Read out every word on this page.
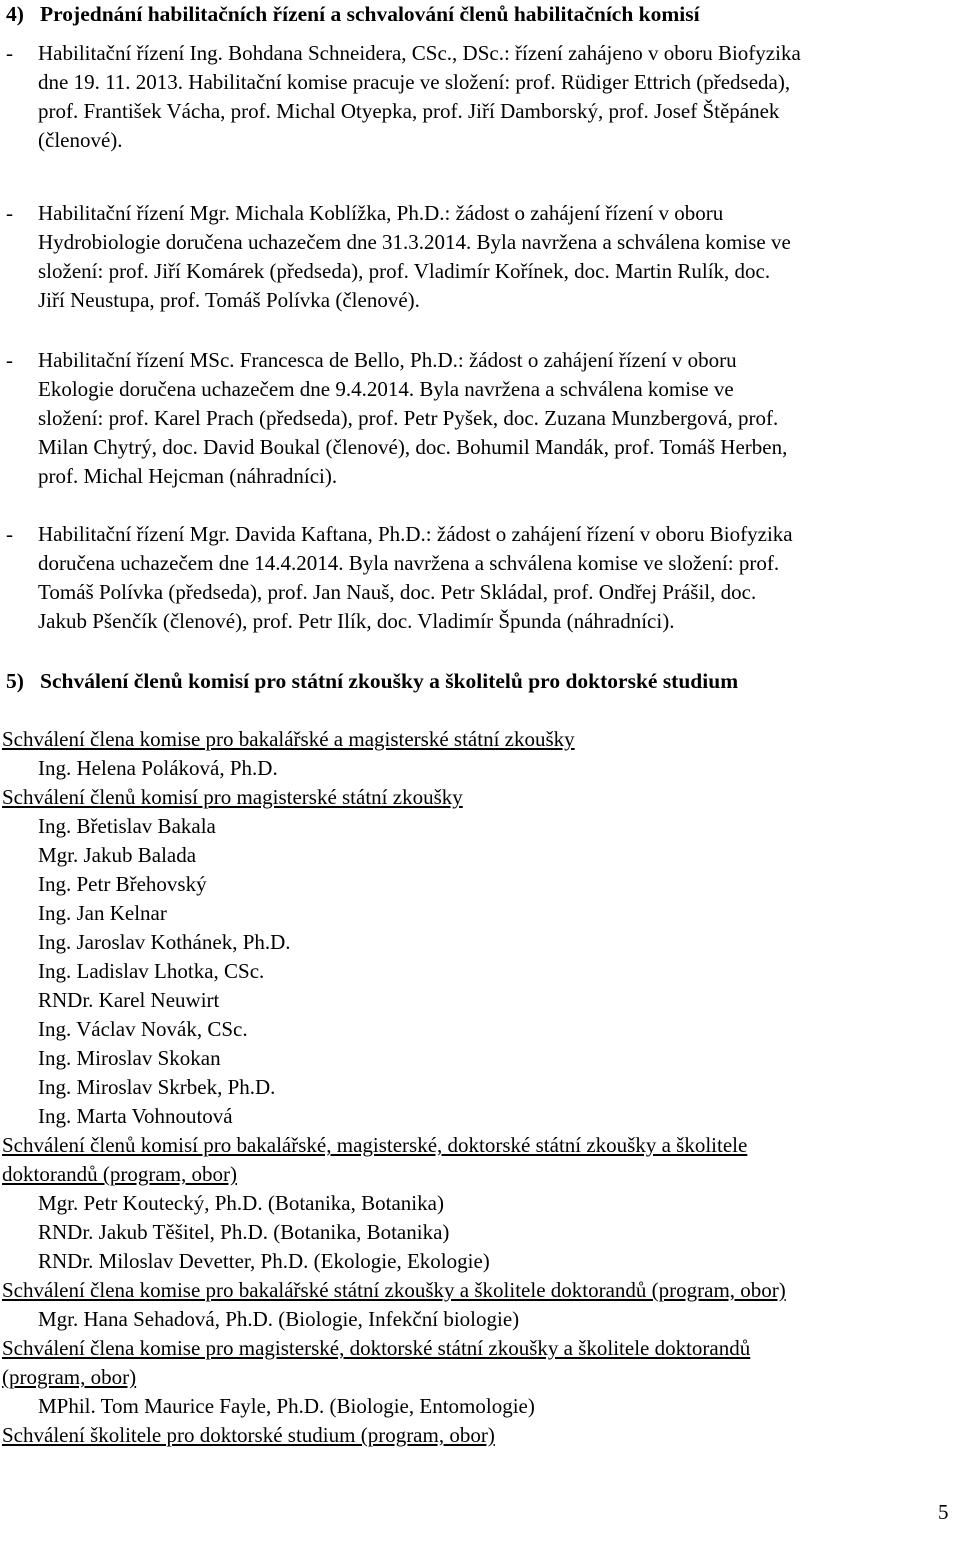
4) Projednání habilitačních řízení a schvalování členů habilitačních komisí
- Habilitační řízení Ing. Bohdana Schneidera, CSc., DSc.: řízení zahájeno v oboru Biofyzika
dne 19. 11. 2013. Habilitační komise pracuje ve složení: prof. Rüdiger Ettrich (předseda),
prof. František Vácha, prof. Michal Otyepka, prof. Jiří Damborský, prof. Josef Štěpánek
(členové).
- Habilitační řízení Mgr. Michala Koblížka, Ph.D.: žádost o zahájení řízení v oboru
Hydrobiologie doručena uchazečem dne 31.3.2014. Byla navržena a schválena komise ve
složení: prof. Jiří Komárek (předseda), prof. Vladimír Kořínek, doc. Martin Rulík, doc.
Jiří Neustupa, prof. Tomáš Polívka (členové).
- Habilitační řízení MSc. Francesca de Bello, Ph.D.: žádost o zahájení řízení v oboru
Ekologie doručena uchazečem dne 9.4.2014. Byla navržena a schválena komise ve
složení: prof. Karel Prach (předseda), prof. Petr Pyšek, doc. Zuzana Munzbergová, prof.
Milan Chytrý, doc. David Boukal (členové), doc. Bohumil Mandák, prof. Tomáš Herben,
prof. Michal Hejcman (náhradníci).
- Habilitační řízení Mgr. Davida Kaftana, Ph.D.: žádost o zahájení řízení v oboru Biofyzika
doručena uchazečem dne 14.4.2014. Byla navržena a schválena komise ve složení: prof.
Tomáš Polívka (předseda), prof. Jan Nauš, doc. Petr Skládal, prof. Ondřej Prášil, doc.
Jakub Pšenčík (členové), prof. Petr Ilík, doc. Vladimír Špunda (náhradníci).
5) Schválení členů komisí pro státní zkoušky a školitelů pro doktorské studium
Schválení člena komise pro bakalářské a magisterské státní zkoušky
Ing. Helena Poláková, Ph.D.
Schválení členů komisí pro magisterské státní zkoušky
Ing. Břetislav Bakala
Mgr. Jakub Balada
Ing. Petr Břehovský
Ing. Jan Kelnar
Ing. Jaroslav Kothánek, Ph.D.
Ing. Ladislav Lhotka, CSc.
RNDr. Karel Neuwirt
Ing. Václav Novák, CSc.
Ing. Miroslav Skokan
Ing. Miroslav Skrbek, Ph.D.
Ing. Marta Vohnoutová
Schválení členů komisí pro bakalářské, magisterské, doktorské státní zkoušky a školitele
doktorandů (program, obor)
Mgr. Petr Koutecký, Ph.D. (Botanika, Botanika)
RNDr. Jakub Těšitel, Ph.D. (Botanika, Botanika)
RNDr. Miloslav Devetter, Ph.D. (Ekologie, Ekologie)
Schválení člena komise pro bakalářské státní zkoušky a školitele doktorandů (program, obor)
Mgr. Hana Sehadová, Ph.D. (Biologie, Infekční biologie)
Schválení člena komise pro magisterské, doktorské státní zkoušky a školitele doktorandů
(program, obor)
MPhil. Tom Maurice Fayle, Ph.D. (Biologie, Entomologie)
Schválení školitele pro doktorské studium (program, obor)
5
